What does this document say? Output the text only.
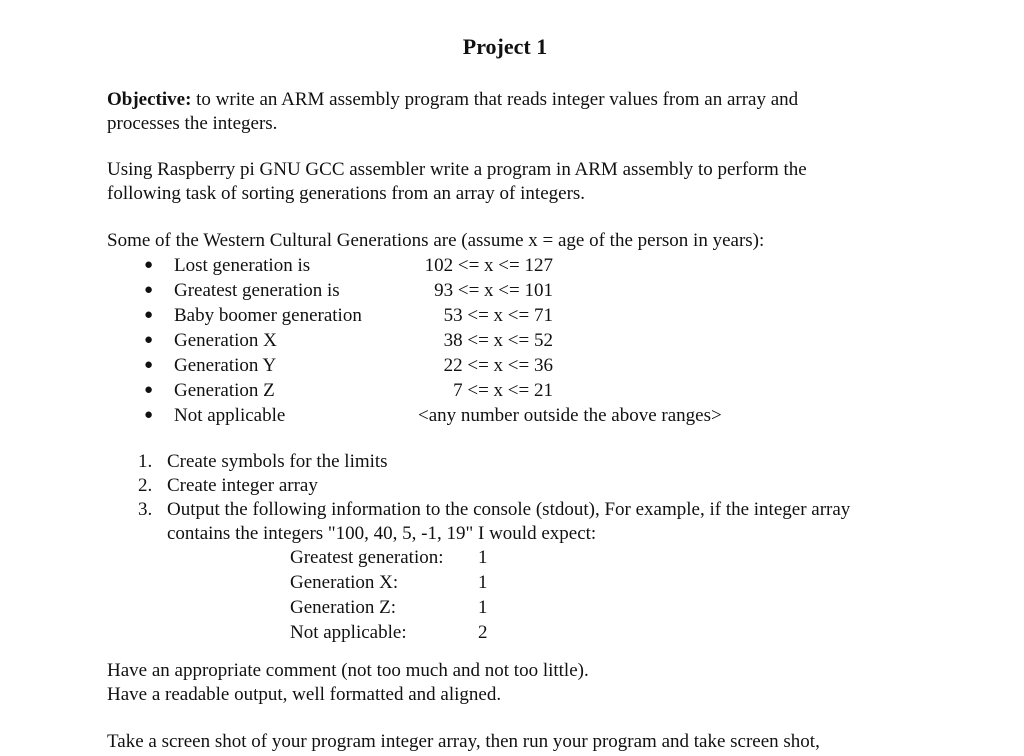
Project 1
Objective: to write an ARM assembly program that reads integer values from an array and
processes the integers.
Using Raspberry pi GNU GCC assembler write a program in ARM assembly to perform the
following task of sorting generations from an array of integers.
Some of the Western Cultural Generations are (assume x = age of the person in years):
● Lost generation is	102 <= x <= 127
● Greatest generation is	93 <= x <= 101
● Baby boomer generation	53 <= x <= 71
● Generation X	38 <= x <= 52
● Generation Y	22 <= x <= 36
● Generation Z	7 <= x <= 21
● Not applicable	<any number outside the above ranges>
1. Create symbols for the limits
2. Create integer array
3. Output the following information to the console (stdout), For example, if the integer array
contains the integers "100, 40, 5, -1, 19" I would expect:
Greatest generation: 1
Generation X:	1
Generation Z:	1
Not applicable:	2
Have an appropriate comment (not too much and not too little).
Have a readable output, well formatted and aligned.
Take a screen shot of your program integer array, then run your program and take screen shot,
